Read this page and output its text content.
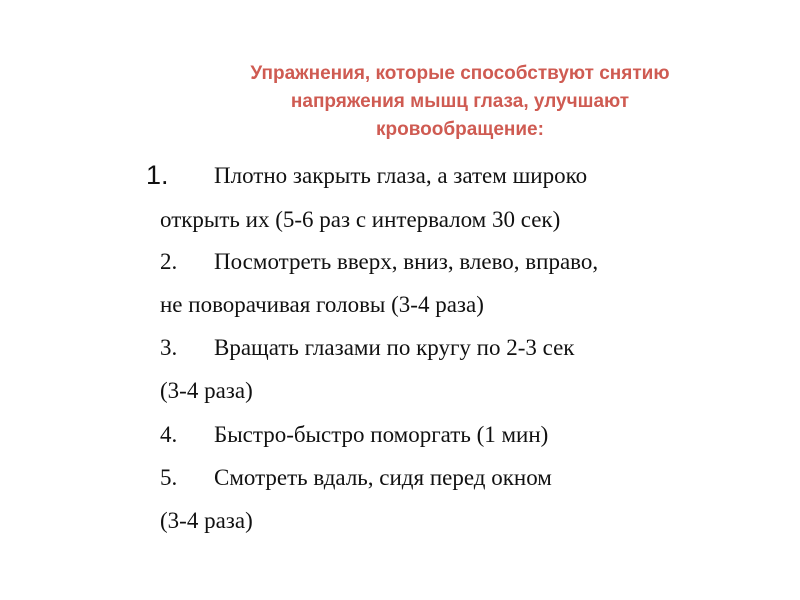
Упражнения, которые способствуют снятию
напряжения мышц глаза, улучшают
кровообращение:
1. Плотно закрыть глаза, а затем широко
открыть их (5-6 раз с интервалом 30 сек)
2. Посмотреть вверх, вниз, влево, вправо,
не поворачивая головы (3-4 раза)
3. Вращать глазами по кругу по 2-3 сек
(3-4 раза)
4. Быстро-быстро поморгать (1 мин)
5. Смотреть вдаль, сидя перед окном
(3-4 раза)
